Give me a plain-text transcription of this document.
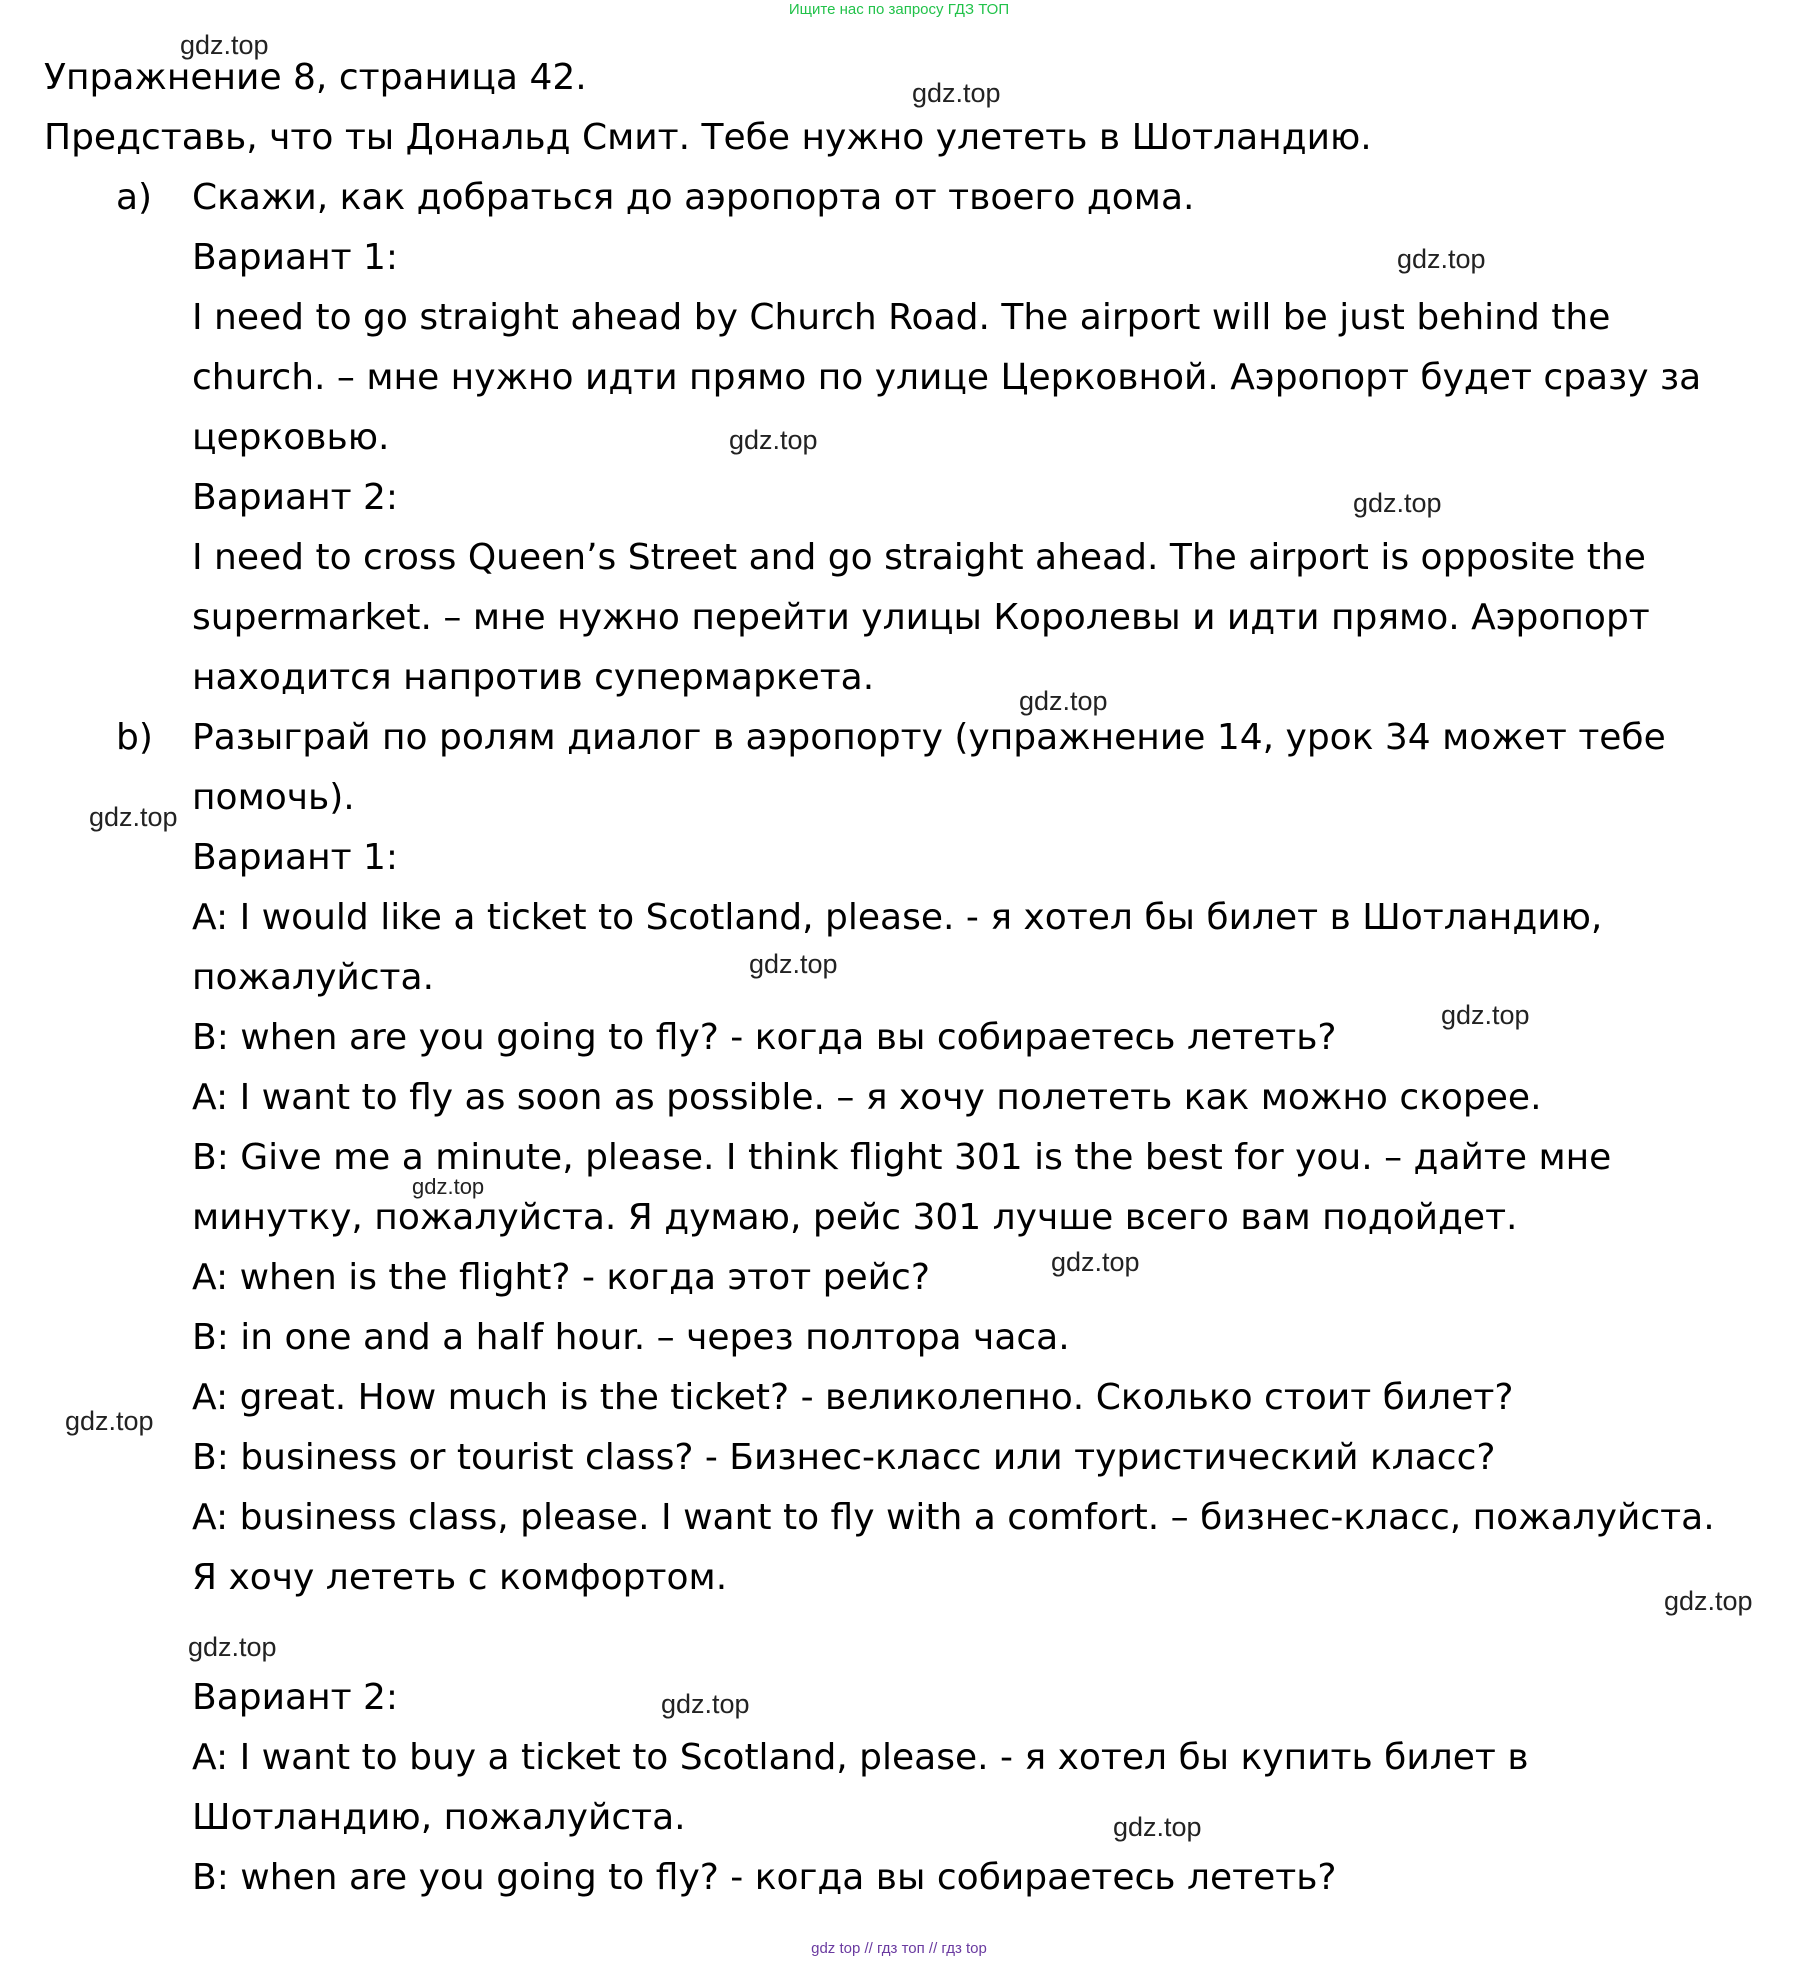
Ищите нас по запросу ГДЗ ТОП
gdz.top
gdz.top
gdz.top
gdz.top
gdz.top
gdz.top
gdz.top
gdz.top
gdz.top
gdz.top
gdz.top
gdz.top
gdz.top
gdz.top
gdz.top
gdz.top
Упражнение 8, страница 42.
Представь, что ты Дональд Смит. Тебе нужно улететь в Шотландию.
a) Скажи, как добраться до аэропорта от твоего дома.
Вариант 1:
I need to go straight ahead by Church Road. The airport will be just behind the
church. – мне нужно идти прямо по улице Церковной. Аэропорт будет сразу за
церковью.
Вариант 2:
I need to cross Queen’s Street and go straight ahead. The airport is opposite the
supermarket. – мне нужно перейти улицы Королевы и идти прямо. Аэропорт
находится напротив супермаркета.
b) Разыграй по ролям диалог в аэропорту (упражнение 14, урок 34 может тебе
помочь).
Вариант 1:
A: I would like a ticket to Scotland, please. - я хотел бы билет в Шотландию,
пожалуйста.
B: when are you going to fly? - когда вы собираетесь лететь?
A: I want to fly as soon as possible. – я хочу полететь как можно скорее.
B: Give me a minute, please. I think flight 301 is the best for you. – дайте мне
минутку, пожалуйста. Я думаю, рейс 301 лучше всего вам подойдет.
A: when is the flight? - когда этот рейс?
B: in one and a half hour. – через полтора часа.
A: great. How much is the ticket? - великолепно. Сколько стоит билет?
B: business or tourist class? - Бизнес-класс или туристический класс?
A: business class, please. I want to fly with a comfort. – бизнес-класс, пожалуйста.
Я хочу лететь с комфортом.
Вариант 2:
A: I want to buy a ticket to Scotland, please. - я хотел бы купить билет в
Шотландию, пожалуйста.
B: when are you going to fly? - когда вы собираетесь лететь?
gdz top // гдз топ // гдз top
